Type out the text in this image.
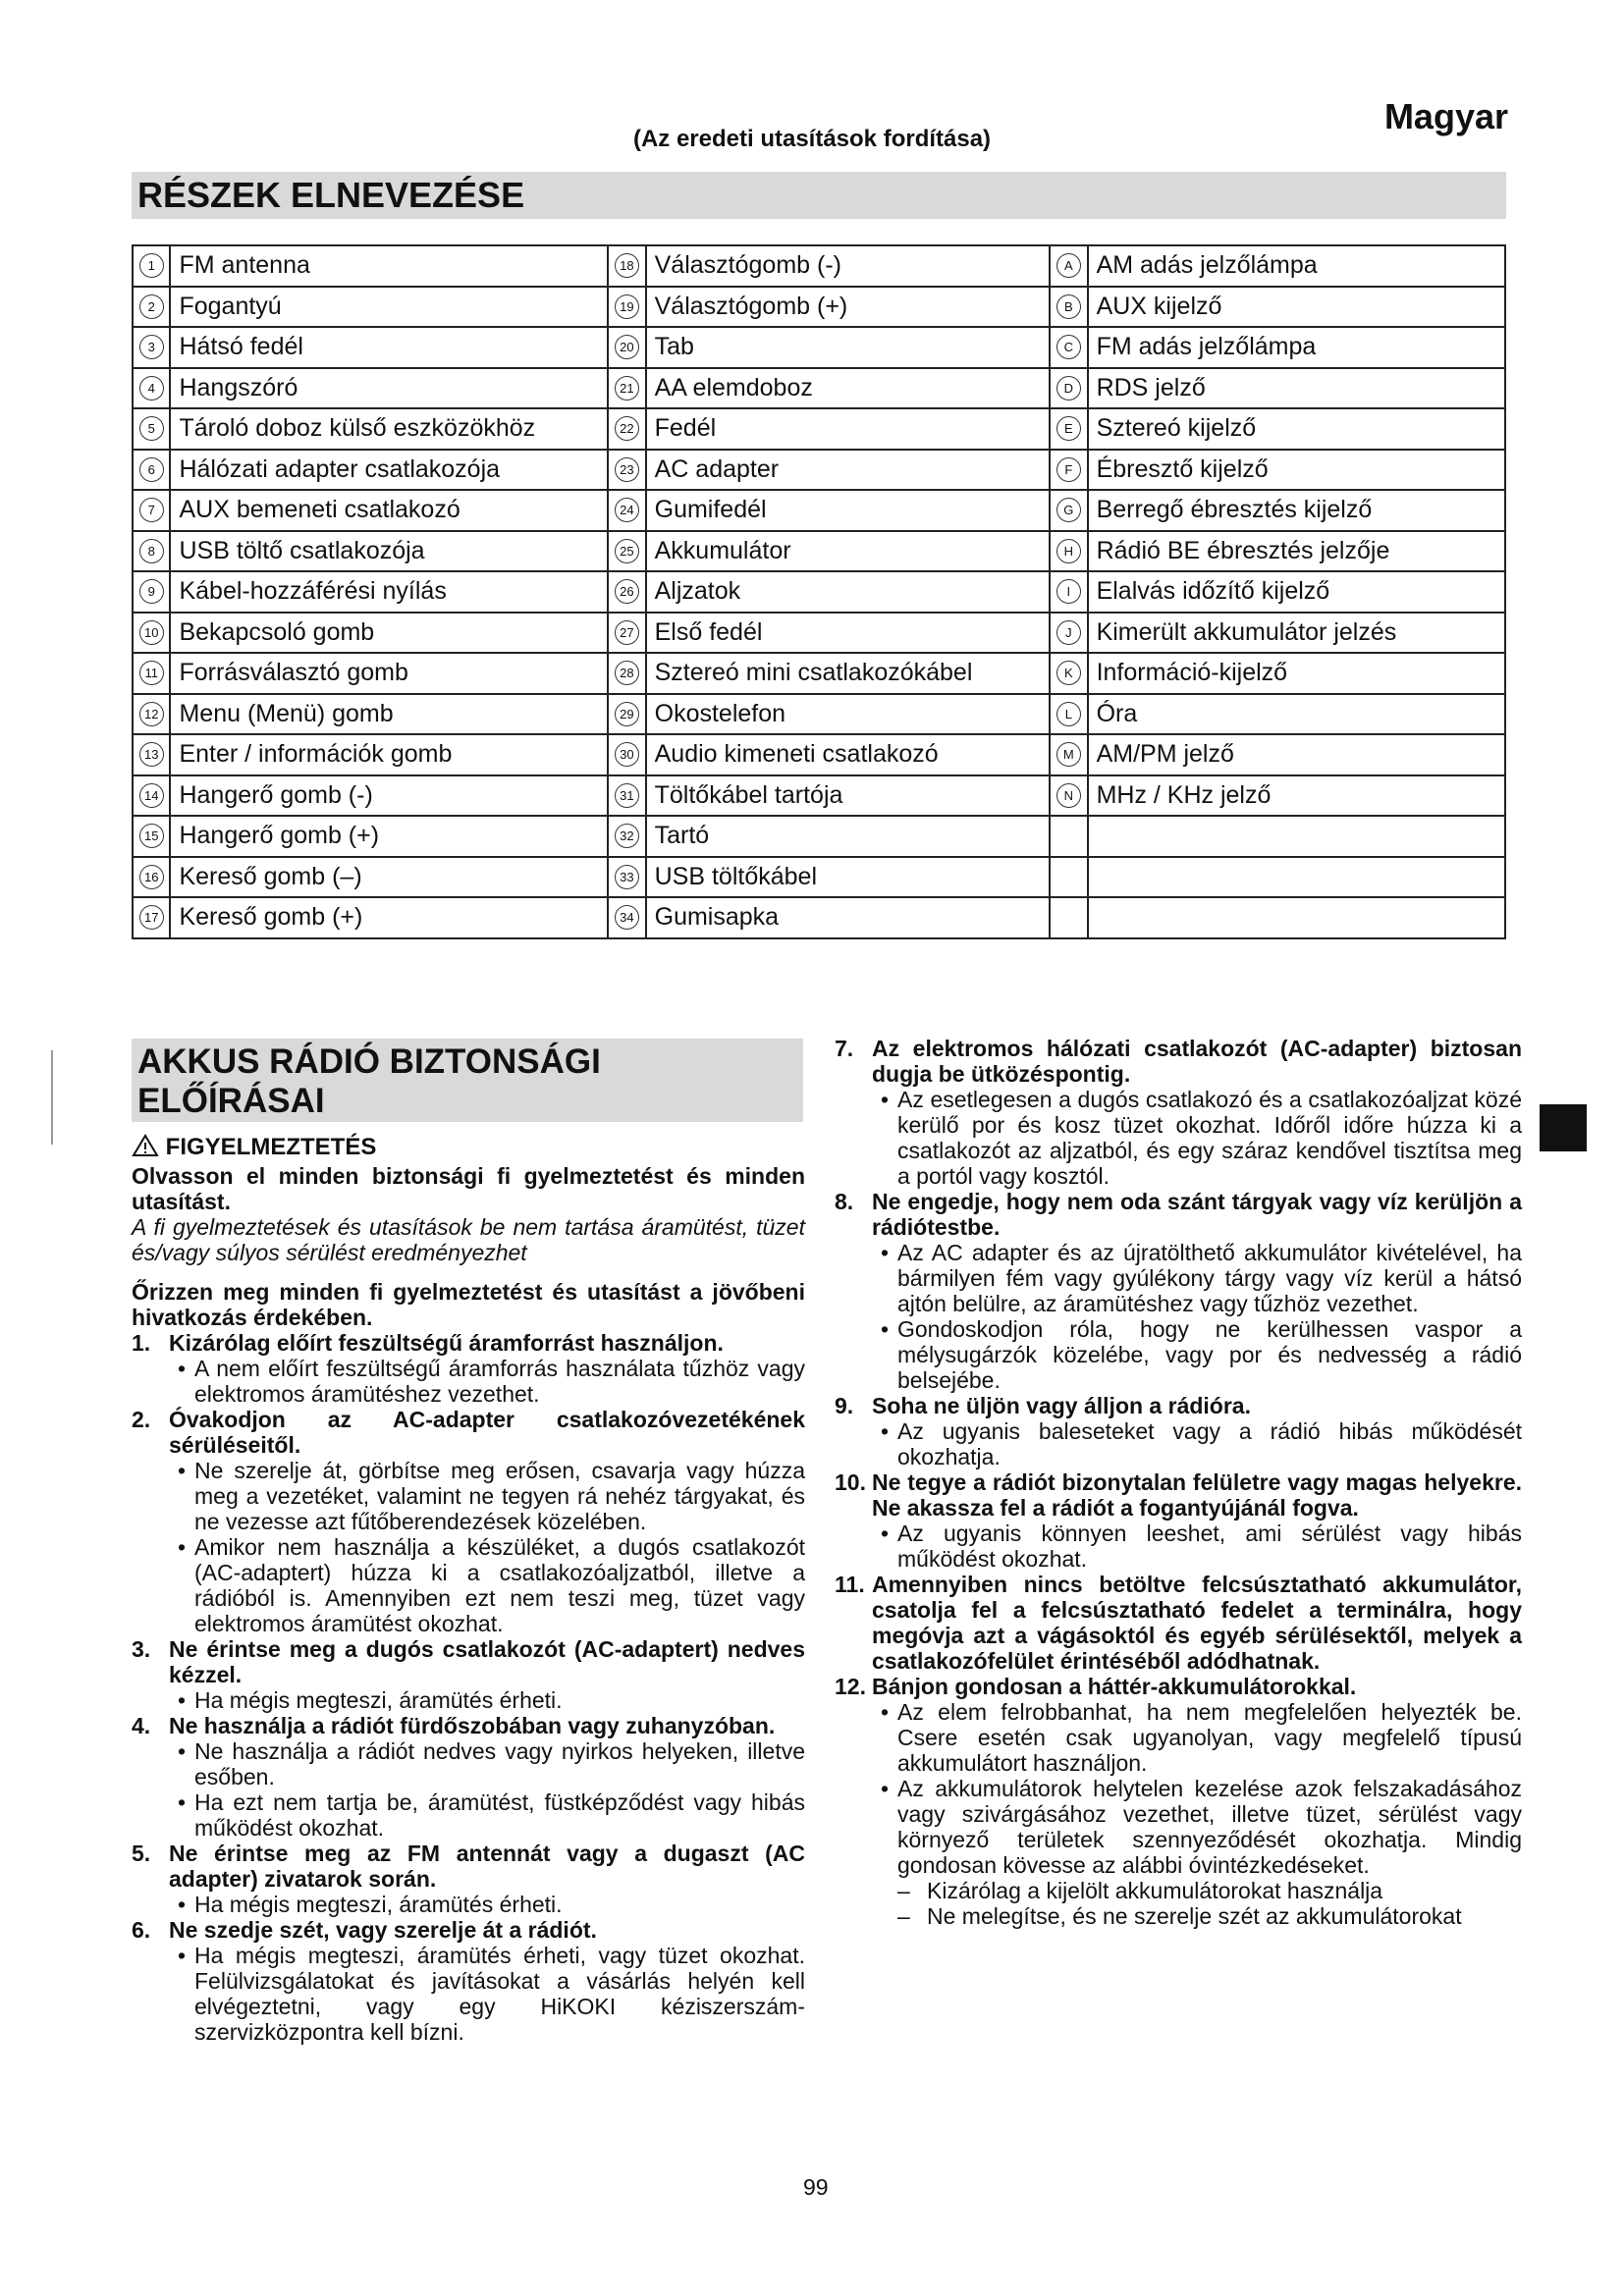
(Az eredeti utasítások fordítása)
Magyar
RÉSZEK ELNEVEZÉSE
1	FM antenna	18	Választógomb (-)	A	AM adás jelzőlámpa
2	Fogantyú	19	Választógomb (+)	B	AUX kijelző
3	Hátsó fedél	20	Tab	C	FM adás jelzőlámpa
4	Hangszóró	21	AA elemdoboz	D	RDS jelző
5	Tároló doboz külső eszközökhöz	22	Fedél	E	Sztereó kijelző
6	Hálózati adapter csatlakozója	23	AC adapter	F	Ébresztő kijelző
7	AUX bemeneti csatlakozó	24	Gumifedél	G	Berregő ébresztés kijelző
8	USB töltő csatlakozója	25	Akkumulátor	H	Rádió BE ébresztés jelzője
9	Kábel-hozzáférési nyílás	26	Aljzatok	I	Elalvás időzítő kijelző
10	Bekapcsoló gomb	27	Első fedél	J	Kimerült akkumulátor jelzés
11	Forrásválasztó gomb	28	Sztereó mini csatlakozókábel	K	Információ-kijelző
12	Menu (Menü) gomb	29	Okostelefon	L	Óra
13	Enter / információk gomb	30	Audio kimeneti csatlakozó	M	AM/PM jelző
14	Hangerő gomb (-)	31	Töltőkábel tartója	N	MHz / KHz jelző
15	Hangerő gomb (+)	32	Tartó		
16	Kereső gomb (–)	33	USB töltőkábel		
17	Kereső gomb (+)	34	Gumisapka		
AKKUS RÁDIÓ BIZTONSÁGI
ELŐÍRÁSAI
FIGYELMEZTETÉS

Olvasson el minden biztonsági fi gyelmeztetést és minden utasítást.

A fi gyelmeztetések és utasítások be nem tartása áramütést, tüzet és/vagy súlyos sérülést eredményezhet

Őrizzen meg minden fi gyelmeztetést és utasítást a jövőbeni hivatkozás érdekében.

1. Kizárólag előírt feszültségű áramforrást használjon.
• A nem előírt feszültségű áramforrás használata tűzhöz vagy elektromos áramütéshez vezethet.
2. Óvakodjon az AC-adapter csatlakozóvezetékének sérüléseitől.
• Ne szerelje át, görbítse meg erősen, csavarja vagy húzza meg a vezetéket, valamint ne tegyen rá nehéz tárgyakat, és ne vezesse azt fűtőberendezések közelében.
• Amikor nem használja a készüléket, a dugós csatlakozót (AC-adaptert) húzza ki a csatlakozóaljzatból, illetve a rádióból is. Amennyiben ezt nem teszi meg, tüzet vagy elektromos áramütést okozhat.
3. Ne érintse meg a dugós csatlakozót (AC-adaptert) nedves kézzel.
• Ha mégis megteszi, áramütés érheti.
4. Ne használja a rádiót fürdőszobában vagy zuhanyzóban.
• Ne használja a rádiót nedves vagy nyirkos helyeken, illetve esőben.
• Ha ezt nem tartja be, áramütést, füstképződést vagy hibás működést okozhat.
5. Ne érintse meg az FM antennát vagy a dugaszt (AC adapter) zivatarok során.
• Ha mégis megteszi, áramütés érheti.
6. Ne szedje szét, vagy szerelje át a rádiót.
• Ha mégis megteszi, áramütés érheti, vagy tüzet okozhat. Felülvizsgálatokat és javításokat a vásárlás helyén kell elvégeztetni, vagy egy HiKOKI kéziszerszám-szervizközpontra kell bízni.
7. Az elektromos hálózati csatlakozót (AC-adapter) biztosan dugja be ütközéspontig.
• Az esetlegesen a dugós csatlakozó és a csatlakozóaljzat közé kerülő por és kosz tüzet okozhat. Időről időre húzza ki a csatlakozót az aljzatból, és egy száraz kendővel tisztítsa meg a portól vagy kosztól.
8. Ne engedje, hogy nem oda szánt tárgyak vagy víz kerüljön a rádiótestbe.
• Az AC adapter és az újratölthető akkumulátor kivételével, ha bármilyen fém vagy gyúlékony tárgy vagy víz kerül a hátsó ajtón belülre, az áramütéshez vagy tűzhöz vezethet.
• Gondoskodjon róla, hogy ne kerülhessen vaspor a mélysugárzók közelébe, vagy por és nedvesség a rádió belsejébe.
9. Soha ne üljön vagy álljon a rádióra.
• Az ugyanis baleseteket vagy a rádió hibás működését okozhatja.
10. Ne tegye a rádiót bizonytalan felületre vagy magas helyekre. Ne akassza fel a rádiót a fogantyújánál fogva.
• Az ugyanis könnyen leeshet, ami sérülést vagy hibás működést okozhat.
11. Amennyiben nincs betöltve felcsúsztatható akkumulátor, csatolja fel a felcsúsztatható fedelet a terminálra, hogy megóvja azt a vágásoktól és egyéb sérülésektől, melyek a csatlakozófelület érintéséből adódhatnak.
12. Bánjon gondosan a háttér-akkumulátorokkal.
• Az elem felrobbanhat, ha nem megfelelően helyezték be. Csere esetén csak ugyanolyan, vagy megfelelő típusú akkumulátort használjon.
• Az akkumulátorok helytelen kezelése azok felszakadásához vagy szivárgásához vezethet, illetve tüzet, sérülést vagy környező területek szennyeződését okozhatja. Mindig gondosan kövesse az alábbi óvintézkedéseket.
– Kizárólag a kijelölt akkumulátorokat használja
– Ne melegítse, és ne szerelje szét az akkumulátorokat
99
